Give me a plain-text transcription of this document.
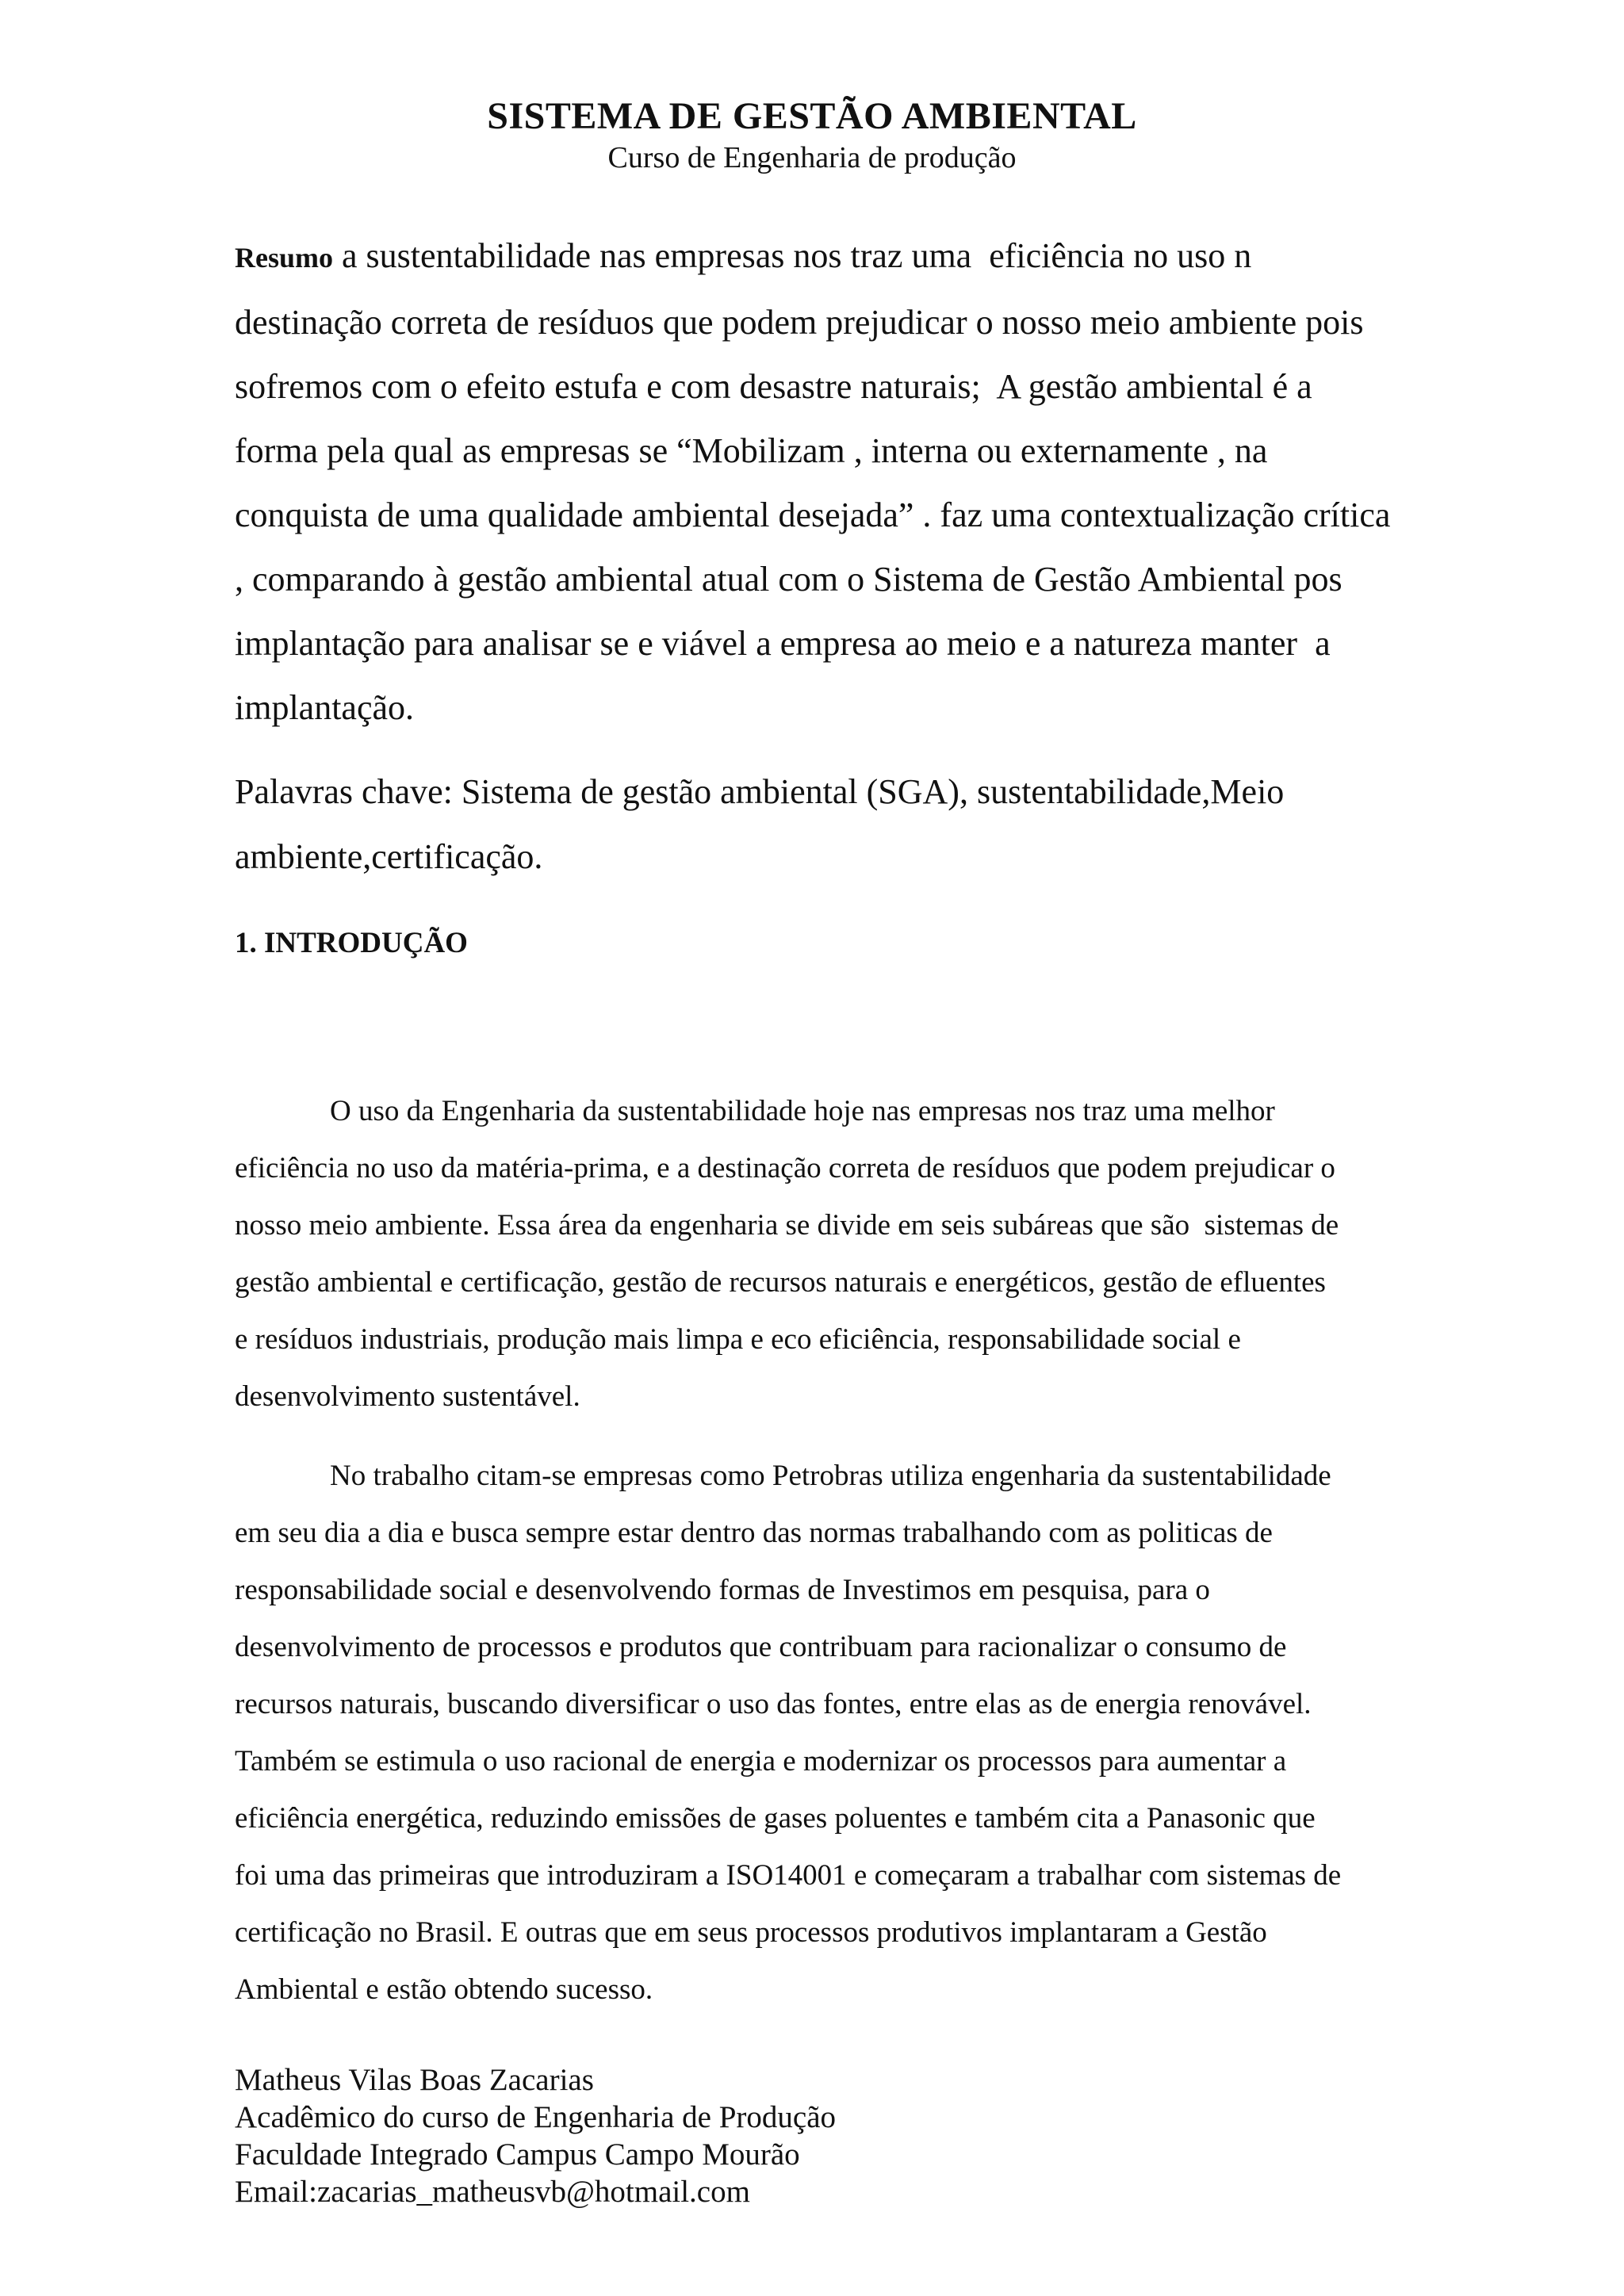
SISTEMA DE GESTÃO AMBIENTAL
Curso de Engenharia de produção
Resumo a sustentabilidade nas empresas nos traz uma  eficiência no uso n
destinação correta de resíduos que podem prejudicar o nosso meio ambiente pois
sofremos com o efeito estufa e com desastre naturais;  A gestão ambiental é a
forma pela qual as empresas se “Mobilizam , interna ou externamente , na
conquista de uma qualidade ambiental desejada” . faz uma contextualização crítica
, comparando à gestão ambiental atual com o Sistema de Gestão Ambiental pos
implantação para analisar se e viável a empresa ao meio e a natureza manter  a
implantação.
Palavras chave: Sistema de gestão ambiental (SGA), sustentabilidade,Meio
ambiente,certificação.
1. INTRODUÇÃO
O uso da Engenharia da sustentabilidade hoje nas empresas nos traz uma melhor
eficiência no uso da matéria-prima, e a destinação correta de resíduos que podem prejudicar o
nosso meio ambiente. Essa área da engenharia se divide em seis subáreas que são  sistemas de
gestão ambiental e certificação, gestão de recursos naturais e energéticos, gestão de efluentes
e resíduos industriais, produção mais limpa e eco eficiência, responsabilidade social e
desenvolvimento sustentável.
No trabalho citam-se empresas como Petrobras utiliza engenharia da sustentabilidade
em seu dia a dia e busca sempre estar dentro das normas trabalhando com as politicas de
responsabilidade social e desenvolvendo formas de Investimos em pesquisa, para o
desenvolvimento de processos e produtos que contribuam para racionalizar o consumo de
recursos naturais, buscando diversificar o uso das fontes, entre elas as de energia renovável.
Também se estimula o uso racional de energia e modernizar os processos para aumentar a
eficiência energética, reduzindo emissões de gases poluentes e também cita a Panasonic que
foi uma das primeiras que introduziram a ISO14001 e começaram a trabalhar com sistemas de
certificação no Brasil. E outras que em seus processos produtivos implantaram a Gestão
Ambiental e estão obtendo sucesso.
Matheus Vilas Boas Zacarias
Acadêmico do curso de Engenharia de Produção
Faculdade Integrado Campus Campo Mourão
Email:zacarias_matheusvb@hotmail.com
